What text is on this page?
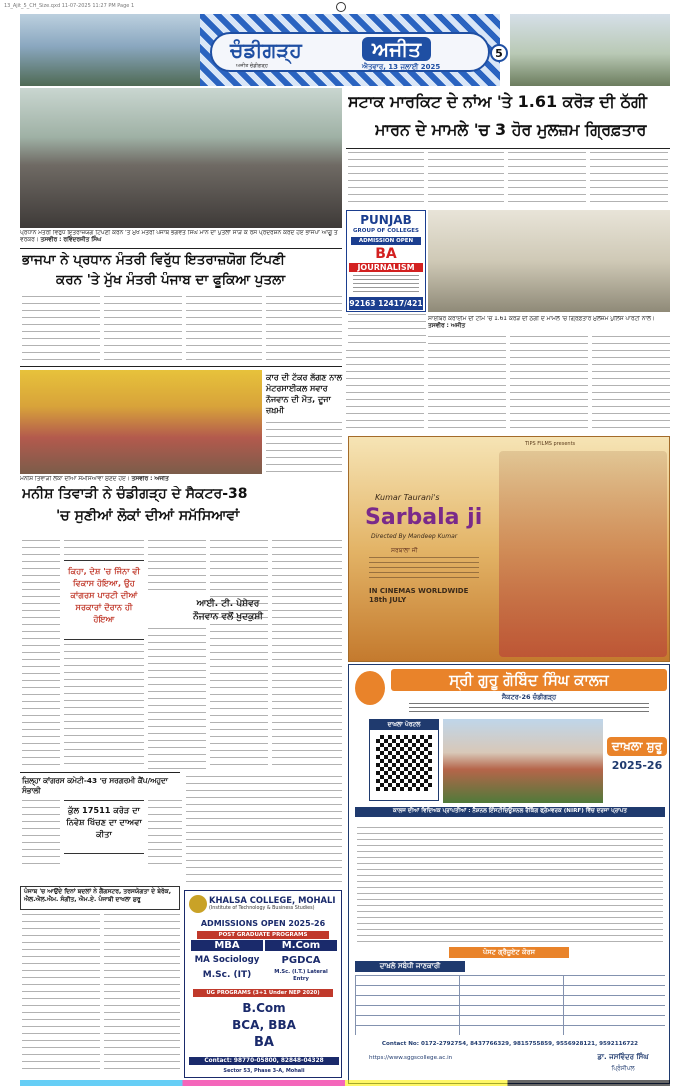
13_Ajit_5_CH_Size.qxd 11-07-2025 11:27 PM Page 1
ਚੰਡੀਗੜ੍ਹ	ਅਜੀਤ
ਅਜੀਤ ਚੰਡੀਗੜ੍ਹ	ਐਤਵਾਰ, 13 ਜੁਲਾਈ 2025
5
ਪ੍ਰਧਾਨ ਮੰਤਰੀ ਵਿਰੁੱਧ ਇਤਰਾਜ਼ਯੋਗ ਟਿੱਪਣੀ ਕਰਨ 'ਤੇ ਮੁੱਖ ਮੰਤਰੀ ਪੰਜਾਬ ਭਗਵੰਤ ਸਿੰਘ ਮਾਨ ਦਾ ਪੁਤਲਾ ਸਾੜ ਕੇ ਰੋਸ ਪ੍ਰਦਰਸ਼ਨ ਕਰਦੇ ਹੋਏ ਭਾਜਪਾ ਆਗੂ ਤੇ ਵਰਕਰ। ਤਸਵੀਰ : ਰਵਿੰਦਰਜੀਤ ਸਿੰਘ
ਭਾਜਪਾ ਨੇ ਪ੍ਰਧਾਨ ਮੰਤਰੀ ਵਿਰੁੱਧ ਇਤਰਾਜ਼ਯੋਗ ਟਿੱਪਣੀ
ਕਰਨ 'ਤੇ ਮੁੱਖ ਮੰਤਰੀ ਪੰਜਾਬ ਦਾ ਫੂਕਿਆ ਪੁਤਲਾ
ਸਟਾਕ ਮਾਰਕਿਟ ਦੇ ਨਾਂਅ 'ਤੇ 1.61 ਕਰੋੜ ਦੀ ਠੱਗੀ
ਮਾਰਨ ਦੇ ਮਾਮਲੇ 'ਚ 3 ਹੋਰ ਮੁਲਜ਼ਮ ਗ੍ਰਿਫ਼ਤਾਰ
PUNJAB
GROUP OF COLLEGES
ADMISSION OPEN
BA
JOURNALISM
92163 12417/421
ਸਾਈਬਰ ਕਰਾਈਮ ਦੀ ਟੀਮ 'ਚ 1.61 ਕਰੋੜ ਦੀ ਠੱਗੀ ਦੇ ਮਾਮਲੇ 'ਚ ਗ੍ਰਿਫ਼ਤਾਰ ਮੁਲਜ਼ਮ ਪੁਲਿਸ ਪਾਰਟੀ ਨਾਲ। ਤਸਵੀਰ : ਅਜੀਤ
ਮਨੀਸ਼ ਤਿਵਾੜੀ ਲੋਕਾਂ ਦੀਆਂ ਸਮੱਸਿਆਵਾਂ ਸੁਣਦੇ ਹੋਏ। ਤਸਵੀਰ : ਅਜੀਤ
ਮਨੀਸ਼ ਤਿਵਾੜੀ ਨੇ ਚੰਡੀਗੜ੍ਹ ਦੇ ਸੈਕਟਰ-38
'ਚ ਸੁਣੀਆਂ ਲੋਕਾਂ ਦੀਆਂ ਸਮੱਸਿਆਵਾਂ
ਕਾਰ ਦੀ ਟੱਕਰ ਲੱਗਣ ਨਾਲ ਮੋਟਰਸਾਈਕਲ ਸਵਾਰ ਨੌਜਵਾਨ ਦੀ ਮੌਤ, ਦੂਜਾ ਜ਼ਖ਼ਮੀ
ਕਿਹਾ, ਦੇਸ਼ 'ਚ ਜਿੰਨਾ ਵੀ ਵਿਕਾਸ ਹੋਇਆ, ਉਹ ਕਾਂਗਰਸ ਪਾਰਟੀ ਦੀਆਂ ਸਰਕਾਰਾਂ ਦੌਰਾਨ ਹੀ ਹੋਇਆ
ਆਈ. ਟੀ. ਪੇਸ਼ੇਵਰ ਨੌਜਵਾਨ ਵਲੋਂ ਖ਼ੁਦਕੁਸ਼ੀ
ਜ਼ਿਲ੍ਹਾ ਕਾਂਗਰਸ ਕਮੇਟੀ-43 'ਚ ਸਰਗਰਮੀ ਕੈਂਪ/ਅਹੁਦਾ ਸੰਭਾਲੀ
ਕੁੱਲ 17511 ਕਰੋੜ ਦਾ ਨਿਵੇਸ਼ ਖਿੱਚਣ ਦਾ ਦਾਅਵਾ ਕੀਤਾ
KHALSA COLLEGE, MOHALI
(Institute of Technology & Business Studies)
ADMISSIONS OPEN 2025-26
POST GRADUATE PROGRAMS
MBA	M.Com
MA Sociology	PGDCA
M.Sc. (IT)	M.Sc. (I.T.) Lateral Entry
UG PROGRAMS (3+1 Under NEP 2020)
B.Com
BCA, BBA
BA
Contact: 98770-05800, 82848-04328
Sector 53, Phase 3-A, Mohali
ਪੰਜਾਬ 'ਚ ਆਉਂਦੇ ਦਿਨਾਂ ਬਦਲਾਂ ਨੇ ਗੈਂਗਸਟਰ, ਤਰਸਯੋਗਤਾ ਦੇ ਬੇਰੋਕ, ਐਲ.ਐਲ.ਐਮ. ਸੰਗੀਤ, ਐਮ.ਏ. ਪੰਜਾਬੀ ਦਾਖਲਾ ਸ਼ੁਰੂ
TIPS FILMS presents
Kumar Taurani's
Sarbala ji
Directed By Mandeep Kumar
ਸਰਬਾਲਾ ਜੀ
IN CINEMAS WORLDWIDE 18th JULY
ਸ੍ਰੀ ਗੁਰੂ ਗੋਬਿੰਦ ਸਿੰਘ ਕਾਲਜ
ਸੈਕਟਰ-26 ਚੰਡੀਗੜ੍ਹ
ਦਾਖ਼ਲਾ ਪੋਰਟਲ
ਦਾਖ਼ਲਾ ਸ਼ੁਰੂ
2025-26
ਕਾਲਜ ਦੀਆਂ ਵਿਦਿਅਕ ਪ੍ਰਾਪਤੀਆਂ : ਨੈਸ਼ਨਲ ਇੰਸਟੀਚਿਊਸ਼ਨਲ ਰੈਂਕਿੰਗ ਫ੍ਰੇਮਵਰਕ (NIRF) ਵਿੱਚ ਦਰਜਾ ਪ੍ਰਾਪਤ
ਪੋਸਟ ਗ੍ਰੈਜੂਏਟ ਕੋਰਸ
ਦਾਖ਼ਲੇ ਸਬੰਧੀ ਜਾਣਕਾਰੀ
Contact No: 0172-2792754, 8437766329, 9815755859, 9556928121, 9592116722
https://www.sggscollege.ac.in	ਡਾ. ਜਸਵਿੰਦਰ ਸਿੰਘ
ਪ੍ਰਿੰਸੀਪਲ
